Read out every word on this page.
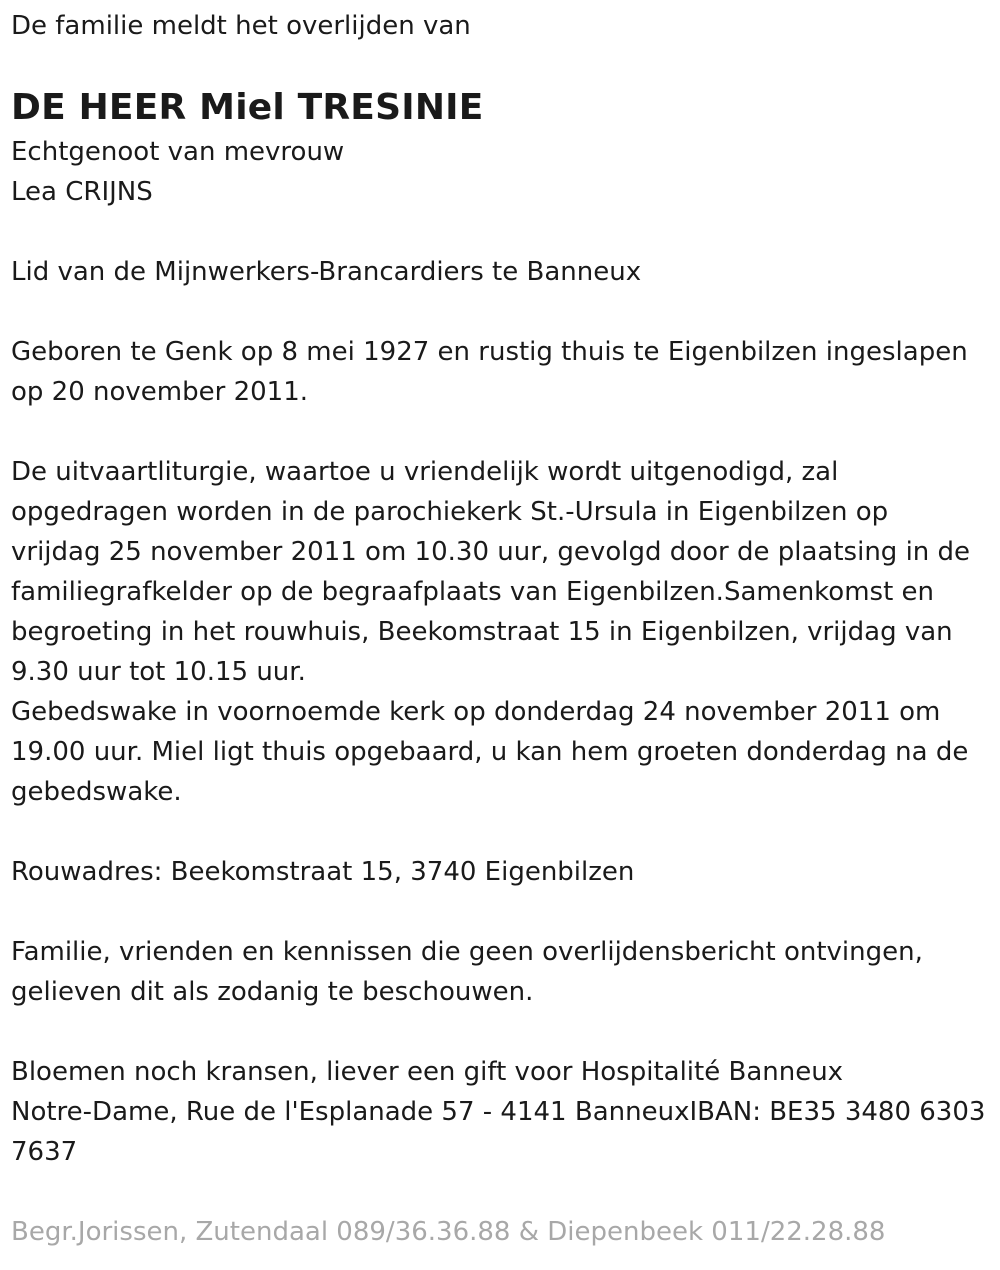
De familie meldt het overlijden van
DE HEER Miel TRESINIE
Echtgenoot van mevrouw
Lea CRIJNS
Lid van de Mijnwerkers-Brancardiers te Banneux
Geboren te Genk op 8 mei 1927 en rustig thuis te Eigenbilzen ingeslapen
op 20 november 2011.
De uitvaartliturgie, waartoe u vriendelijk wordt uitgenodigd, zal
opgedragen worden in de parochiekerk St.-Ursula in Eigenbilzen op
vrijdag 25 november 2011 om 10.30 uur, gevolgd door de plaatsing in de
familiegrafkelder op de begraafplaats van Eigenbilzen.Samenkomst en
begroeting in het rouwhuis, Beekomstraat 15 in Eigenbilzen, vrijdag van
9.30 uur tot 10.15 uur.
Gebedswake in voornoemde kerk op donderdag 24 november 2011 om
19.00 uur. Miel ligt thuis opgebaard, u kan hem groeten donderdag na de
gebedswake.
Rouwadres: Beekomstraat 15, 3740 Eigenbilzen
Familie, vrienden en kennissen die geen overlijdensbericht ontvingen,
gelieven dit als zodanig te beschouwen.
Bloemen noch kransen, liever een gift voor Hospitalité Banneux
Notre-Dame, Rue de l'Esplanade 57 - 4141 BanneuxIBAN: BE35 3480 6303
7637
Begr.Jorissen, Zutendaal 089/36.36.88 & Diepenbeek 011/22.28.88
